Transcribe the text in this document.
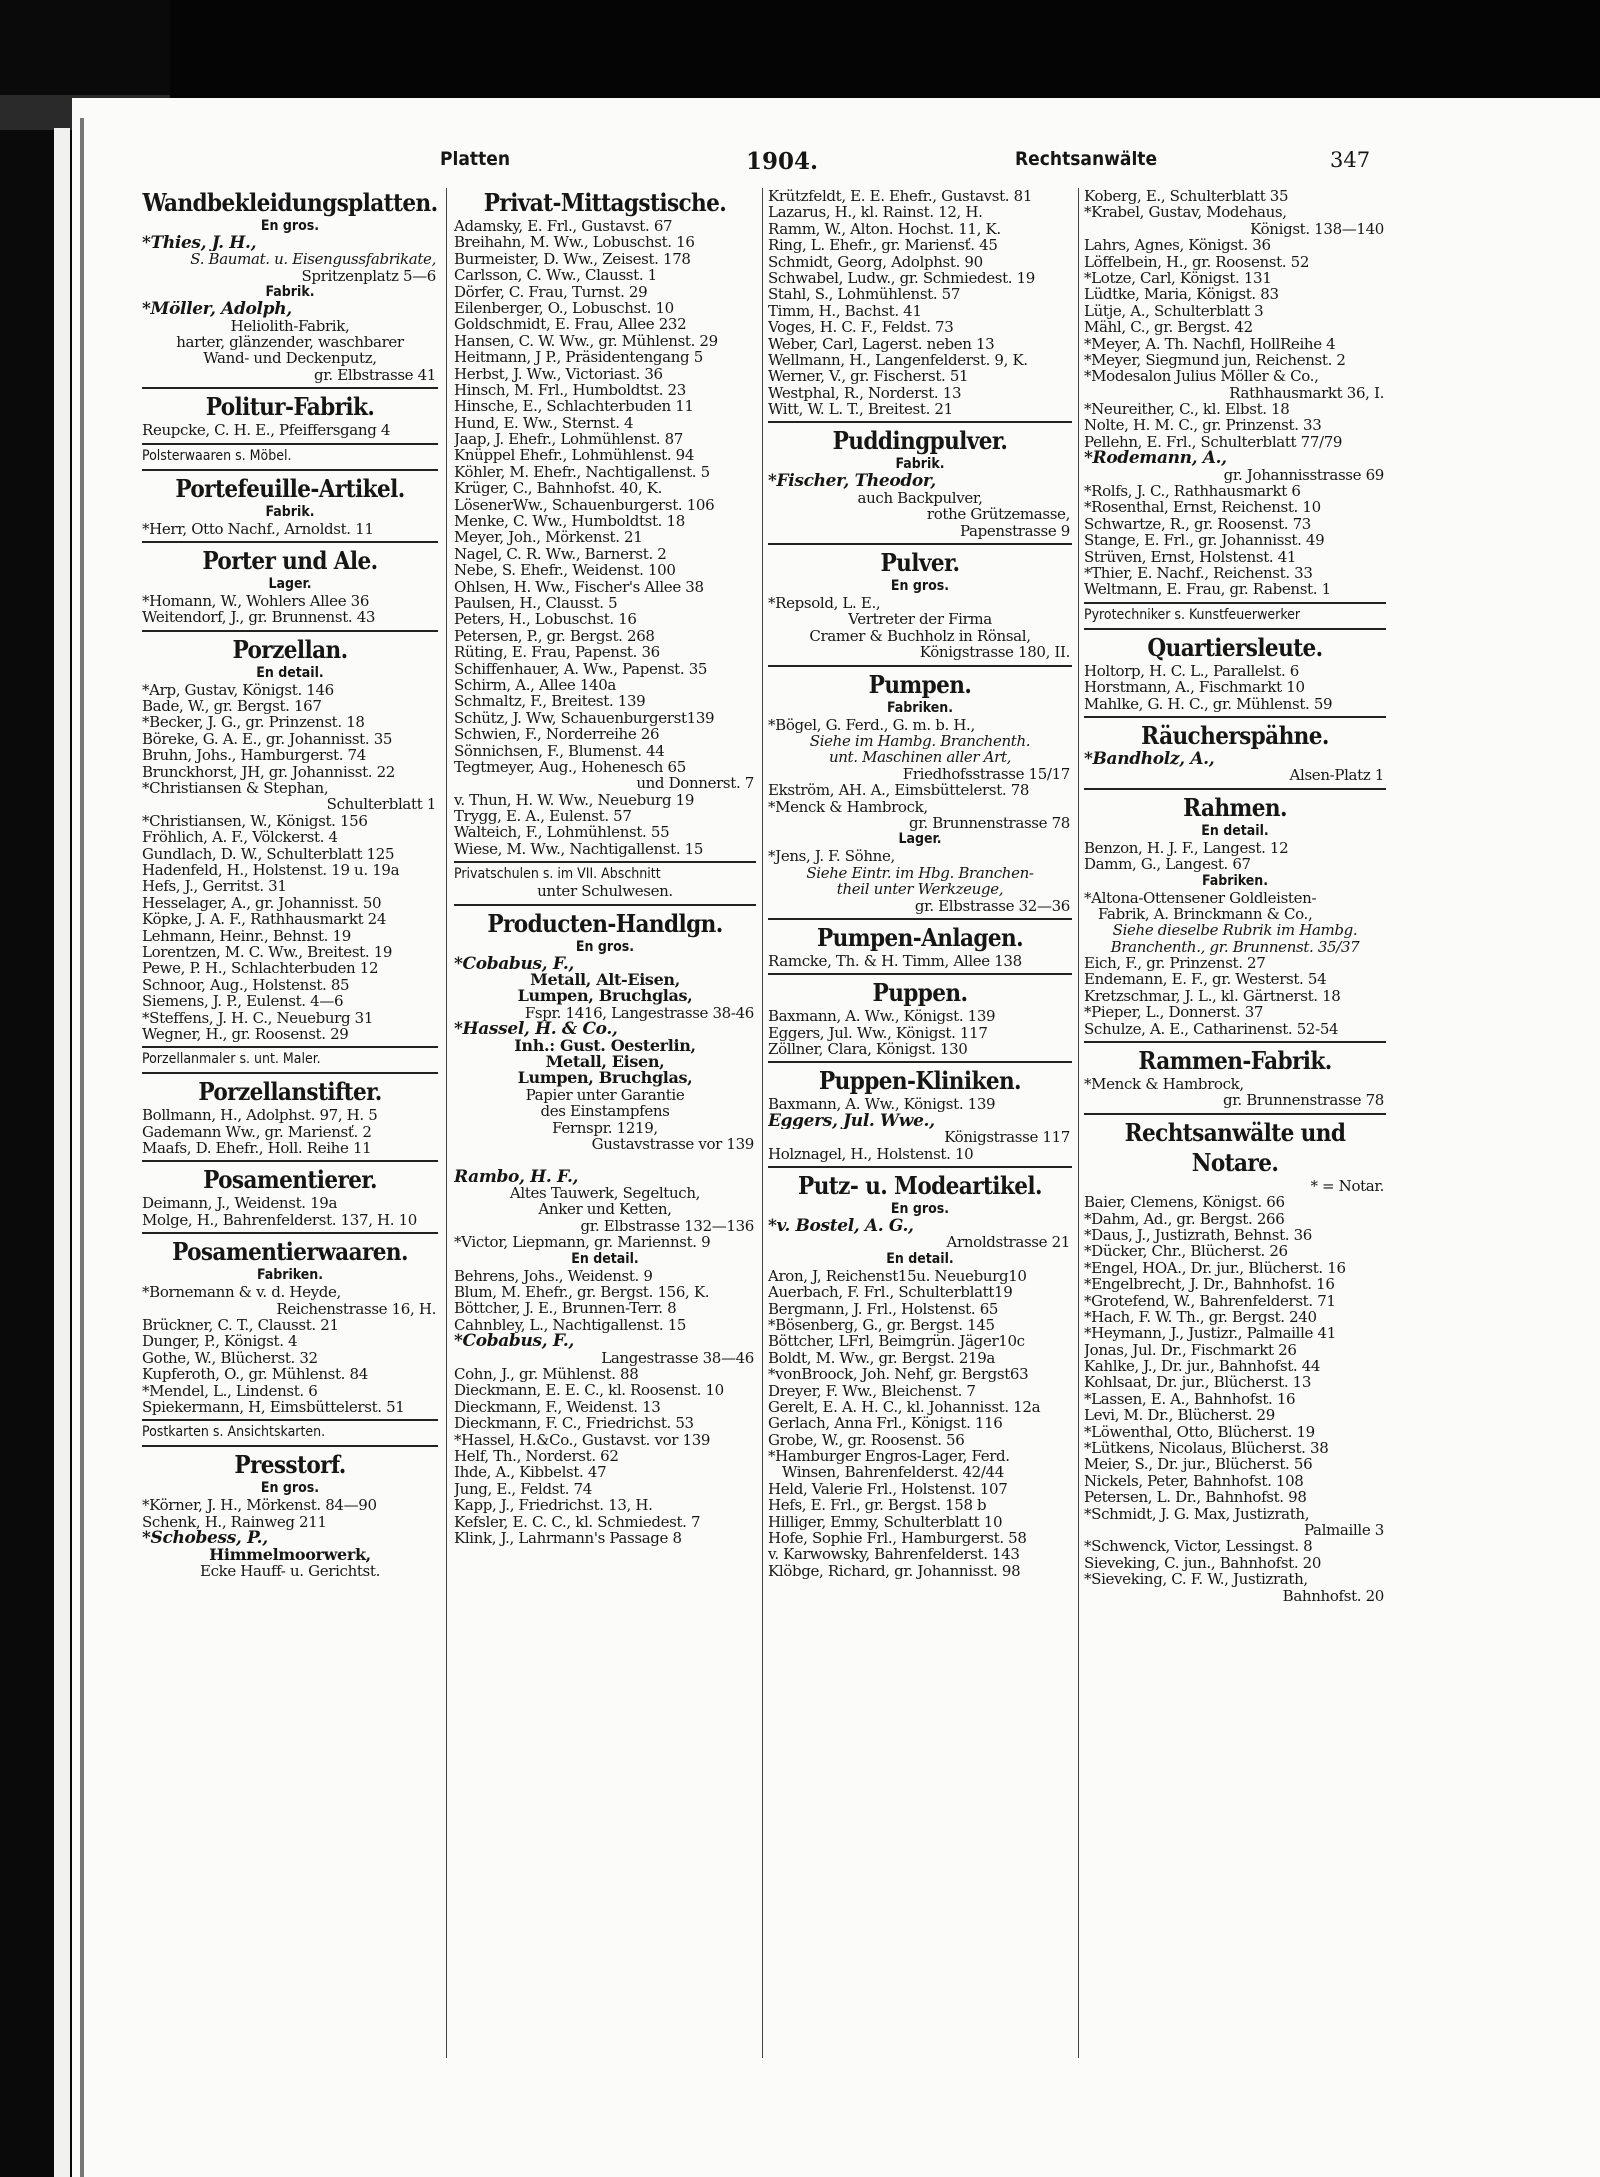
Platten	1904.	Rechtsanwälte	347
Wandbekleidungsplatten.
En gros.
*Thies, J. H.,
S. Baumat. u. Eisengussfabrikate,
Spritzenplatz 5—6
Fabrik.
*Möller, Adolph,
Heliolith-Fabrik,
harter, glänzender, waschbarer
Wand- und Deckenputz,
gr. Elbstrasse 41
Politur-Fabrik.
Reupcke, C. H. E., Pfeiffersgang 4
Polsterwaaren s. Möbel.
Portefeuille-Artikel.
Fabrik.
*Herr, Otto Nachf., Arnoldst. 11
Porter und Ale.
Lager.
*Homann, W., Wohlers Allee 36
Weitendorf, J., gr. Brunnenst. 43
Porzellan.
En detail.
*Arp, Gustav, Königst. 146
Bade, W., gr. Bergst. 167
*Becker, J. G., gr. Prinzenst. 18
Böreke, G. A. E., gr. Johannisst. 35
Bruhn, Johs., Hamburgerst. 74
Brunckhorst, JH, gr. Johannisst. 22
*Christiansen & Stephan,
Schulterblatt 1
*Christiansen, W., Königst. 156
Fröhlich, A. F., Völckerst. 4
Gundlach, D. W., Schulterblatt 125
Hadenfeld, H., Holstenst. 19 u. 19a
Hefs, J., Gerritst. 31
Hesselager, A., gr. Johannisst. 50
Köpke, J. A. F., Rathhausmarkt 24
Lehmann, Heinr., Behnst. 19
Lorentzen, M. C. Ww., Breitest. 19
Pewe, P. H., Schlachterbuden 12
Schnoor, Aug., Holstenst. 85
Siemens, J. P., Eulenst. 4—6
*Steffens, J. H. C., Neueburg 31
Wegner, H., gr. Roosenst. 29
Porzellanmaler s. unt. Maler.
Porzellanstifter.
Bollmann, H., Adolphst. 97, H. 5
Gademann Ww., gr. Mariensť. 2
Maafs, D. Ehefr., Holl. Reihe 11
Posamentierer.
Deimann, J., Weidenst. 19a
Molge, H., Bahrenfelderst. 137, H. 10
Posamentierwaaren.
Fabriken.
*Bornemann & v. d. Heyde,
Reichenstrasse 16, H.
Brückner, C. T., Clausst. 21
Dunger, P., Königst. 4
Gothe, W., Blücherst. 32
Kupferoth, O., gr. Mühlenst. 84
*Mendel, L., Lindenst. 6
Spiekermann, H, Eimsbüttelerst. 51
Postkarten s. Ansichtskarten.
Presstorf.
En gros.
*Körner, J. H., Mörkenst. 84—90
Schenk, H., Rainweg 211
*Schobess, P.,
Himmelmoorwerk,
Ecke Hauff- u. Gerichtst.
Privat-Mittagstische.
Adamsky, E. Frl., Gustavst. 67
Breihahn, M. Ww., Lobuschst. 16
Burmeister, D. Ww., Zeisest. 178
Carlsson, C. Ww., Clausst. 1
Dörfer, C. Frau, Turnst. 29
Eilenberger, O., Lobuschst. 10
Goldschmidt, E. Frau, Allee 232
Hansen, C. W. Ww., gr. Mühlenst. 29
Heitmann, J P., Präsidentengang 5
Herbst, J. Ww., Victoriast. 36
Hinsch, M. Frl., Humboldtst. 23
Hinsche, E., Schlachterbuden 11
Hund, E. Ww., Sternst. 4
Jaap, J. Ehefr., Lohmühlenst. 87
Knüppel Ehefr., Lohmühlenst. 94
Köhler, M. Ehefr., Nachtigallenst. 5
Krüger, C., Bahnhofst. 40, K.
LösenerWw., Schauenburgerst. 106
Menke, C. Ww., Humboldtst. 18
Meyer, Joh., Mörkenst. 21
Nagel, C. R. Ww., Barnerst. 2
Nebe, S. Ehefr., Weidenst. 100
Ohlsen, H. Ww., Fischer's Allee 38
Paulsen, H., Clausst. 5
Peters, H., Lobuschst. 16
Petersen, P., gr. Bergst. 268
Rüting, E. Frau, Papenst. 36
Schiffenhauer, A. Ww., Papenst. 35
Schirm, A., Allee 140a
Schmaltz, F., Breitest. 139
Schütz, J. Ww, Schauenburgerst139
Schwien, F., Norderreihe 26
Sönnichsen, F., Blumenst. 44
Tegtmeyer, Aug., Hohenesch 65
und Donnerst. 7
v. Thun, H. W. Ww., Neueburg 19
Trygg, E. A., Eulenst. 57
Walteich, F., Lohmühlenst. 55
Wiese, M. Ww., Nachtigallenst. 15
Privatschulen s. im VII. Abschnitt
unter Schulwesen.
Producten-Handlgn.
En gros.
*Cobabus, F.,
Metall, Alt-Eisen,
Lumpen, Bruchglas,
Fspr. 1416, Langestrasse 38-46
*Hassel, H. & Co.,
Inh.: Gust. Oesterlin,
Metall, Eisen,
Lumpen, Bruchglas,
Papier unter Garantie
des Einstampfens
Fernspr. 1219,
Gustavstrasse vor 139
Rambo, H. F.,
Altes Tauwerk, Segeltuch,
Anker und Ketten,
gr. Elbstrasse 132—136
*Victor, Liepmann, gr. Mariennst. 9
En detail.
Behrens, Johs., Weidenst. 9
Blum, M. Ehefr., gr. Bergst. 156, K.
Böttcher, J. E., Brunnen-Terr. 8
Cahnbley, L., Nachtigallenst. 15
*Cobabus, F.,
Langestrasse 38—46
Cohn, J., gr. Mühlenst. 88
Dieckmann, E. E. C., kl. Roosenst. 10
Dieckmann, F., Weidenst. 13
Dieckmann, F. C., Friedrichst. 53
*Hassel, H.&Co., Gustavst. vor 139
Helf, Th., Norderst. 62
Ihde, A., Kibbelst. 47
Jung, E., Feldst. 74
Kapp, J., Friedrichst. 13, H.
Kefsler, E. C. C., kl. Schmiedest. 7
Klink, J., Lahrmann's Passage 8
Krützfeldt, E. E. Ehefr., Gustavst. 81
Lazarus, H., kl. Rainst. 12, H.
Ramm, W., Alton. Hochst. 11, K.
Ring, L. Ehefr., gr. Mariensť. 45
Schmidt, Georg, Adolphst. 90
Schwabel, Ludw., gr. Schmiedest. 19
Stahl, S., Lohmühlenst. 57
Timm, H., Bachst. 41
Voges, H. C. F., Feldst. 73
Weber, Carl, Lagerst. neben 13
Wellmann, H., Langenfelderst. 9, K.
Werner, V., gr. Fischerst. 51
Westphal, R., Norderst. 13
Witt, W. L. T., Breitest. 21
Puddingpulver.
Fabrik.
*Fischer, Theodor,
auch Backpulver,
rothe Grützemasse,
Papenstrasse 9
Pulver.
En gros.
*Repsold, L. E.,
Vertreter der Firma
Cramer & Buchholz in Rönsal,
Königstrasse 180, II.
Pumpen.
Fabriken.
*Bögel, G. Ferd., G. m. b. H.,
Siehe im Hambg. Branchenth.
unt. Maschinen aller Art,
Friedhofsstrasse 15/17
Ekström, AH. A., Eimsbüttelerst. 78
*Menck & Hambrock,
gr. Brunnenstrasse 78
Lager.
*Jens, J. F. Söhne,
Siehe Eintr. im Hbg. Branchen-
theil unter Werkzeuge,
gr. Elbstrasse 32—36
Pumpen-Anlagen.
Ramcke, Th. & H. Timm, Allee 138
Puppen.
Baxmann, A. Ww., Königst. 139
Eggers, Jul. Ww., Königst. 117
Zöllner, Clara, Königst. 130
Puppen-Kliniken.
Baxmann, A. Ww., Königst. 139
Eggers, Jul. Wwe.,
Königstrasse 117
Holznagel, H., Holstenst. 10
Putz- u. Modeartikel.
En gros.
*v. Bostel, A. G.,
Arnoldstrasse 21
En detail.
Aron, J, Reichenst15u. Neueburg10
Auerbach, F. Frl., Schulterblatt19
Bergmann, J. Frl., Holstenst. 65
*Bösenberg, G., gr. Bergst. 145
Böttcher, LFrl, Beimgrün. Jäger10c
Boldt, M. Ww., gr. Bergst. 219a
*vonBroock, Joh. Nehf, gr. Bergst63
Dreyer, F. Ww., Bleichenst. 7
Gerelt, E. A. H. C., kl. Johannisst. 12a
Gerlach, Anna Frl., Königst. 116
Grobe, W., gr. Roosenst. 56
*Hamburger Engros-Lager, Ferd.
Winsen, Bahrenfelderst. 42/44
Held, Valerie Frl., Holstenst. 107
Hefs, E. Frl., gr. Bergst. 158 b
Hilliger, Emmy, Schulterblatt 10
Hofe, Sophie Frl., Hamburgerst. 58
v. Karwowsky, Bahrenfelderst. 143
Klöbge, Richard, gr. Johannisst. 98
Koberg, E., Schulterblatt 35
*Krabel, Gustav, Modehaus,
Königst. 138—140
Lahrs, Agnes, Königst. 36
Löffelbein, H., gr. Roosenst. 52
*Lotze, Carl, Königst. 131
Lüdtke, Maria, Königst. 83
Lütje, A., Schulterblatt 3
Mähl, C., gr. Bergst. 42
*Meyer, A. Th. Nachfl, HollReihe 4
*Meyer, Siegmund jun, Reichenst. 2
*Modesalon Julius Möller & Co.,
Rathhausmarkt 36, I.
*Neureither, C., kl. Elbst. 18
Nolte, H. M. C., gr. Prinzenst. 33
Pellehn, E. Frl., Schulterblatt 77/79
*Rodemann, A.,
gr. Johannisstrasse 69
*Rolfs, J. C., Rathhausmarkt 6
*Rosenthal, Ernst, Reichenst. 10
Schwartze, R., gr. Roosenst. 73
Stange, E. Frl., gr. Johannisst. 49
Strüven, Ernst, Holstenst. 41
*Thier, E. Nachf., Reichenst. 33
Weltmann, E. Frau, gr. Rabenst. 1
Pyrotechniker s. Kunstfeuerwerker
Quartiersleute.
Holtorp, H. C. L., Parallelst. 6
Horstmann, A., Fischmarkt 10
Mahlke, G. H. C., gr. Mühlenst. 59
Räucherspähne.
*Bandholz, A.,
Alsen-Platz 1
Rahmen.
En detail.
Benzon, H. J. F., Langest. 12
Damm, G., Langest. 67
Fabriken.
*Altona-Ottensener Goldleisten-
Fabrik, A. Brinckmann & Co.,
Siehe dieselbe Rubrik im Hambg.
Branchenth., gr. Brunnenst. 35/37
Eich, F., gr. Prinzenst. 27
Endemann, E. F., gr. Westerst. 54
Kretzschmar, J. L., kl. Gärtnerst. 18
*Pieper, L., Donnerst. 37
Schulze, A. E., Catharinenst. 52-54
Rammen-Fabrik.
*Menck & Hambrock,
gr. Brunnenstrasse 78
Rechtsanwälte und Notare.
* = Notar.
Baier, Clemens, Königst. 66
*Dahm, Ad., gr. Bergst. 266
*Daus, J., Justizrath, Behnst. 36
*Dücker, Chr., Blücherst. 26
*Engel, HOA., Dr. jur., Blücherst. 16
*Engelbrecht, J. Dr., Bahnhofst. 16
*Grotefend, W., Bahrenfelderst. 71
*Hach, F. W. Th., gr. Bergst. 240
*Heymann, J., Justizr., Palmaille 41
Jonas, Jul. Dr., Fischmarkt 26
Kahlke, J., Dr. jur., Bahnhofst. 44
Kohlsaat, Dr. jur., Blücherst. 13
*Lassen, E. A., Bahnhofst. 16
Levi, M. Dr., Blücherst. 29
*Löwenthal, Otto, Blücherst. 19
*Lütkens, Nicolaus, Blücherst. 38
Meier, S., Dr. jur., Blücherst. 56
Nickels, Peter, Bahnhofst. 108
Petersen, L. Dr., Bahnhofst. 98
*Schmidt, J. G. Max, Justizrath,
Palmaille 3
*Schwenck, Victor, Lessingst. 8
Sieveking, C. jun., Bahnhofst. 20
*Sieveking, C. F. W., Justizrath,
Bahnhofst. 20
